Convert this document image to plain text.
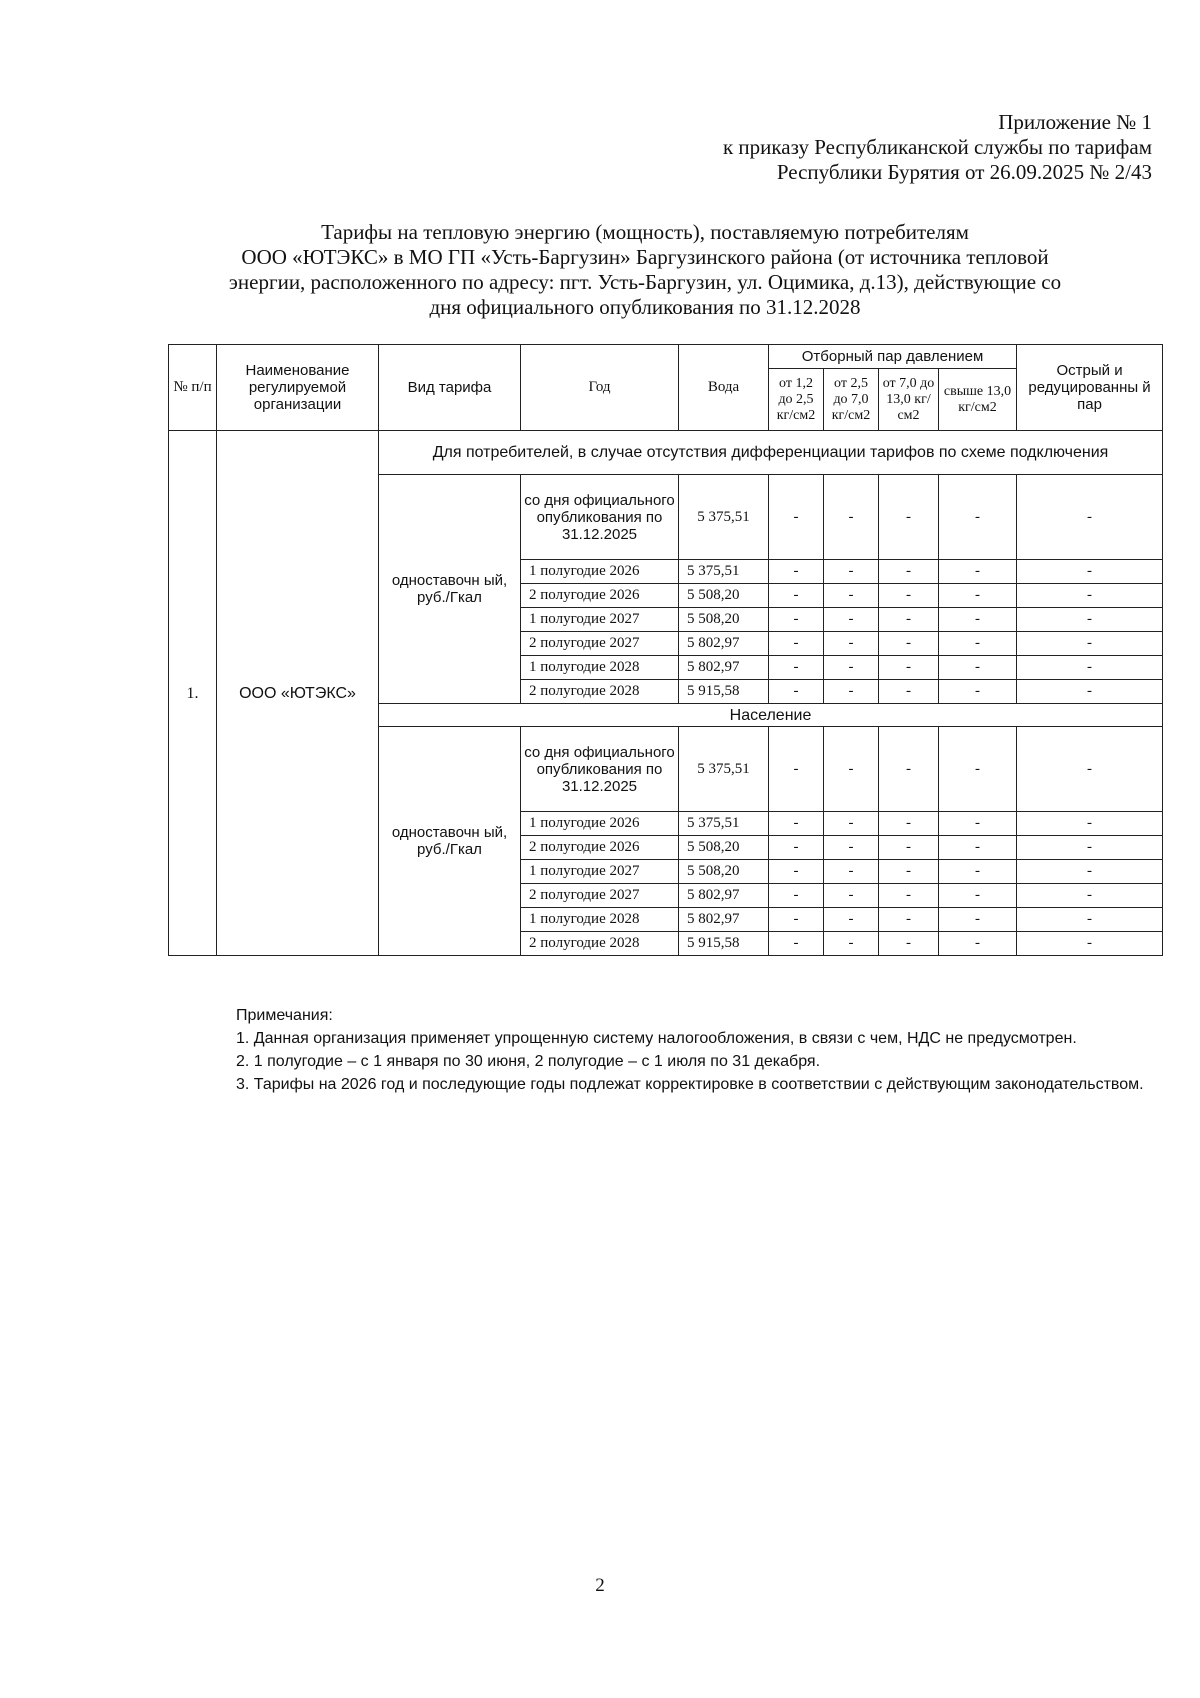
Приложение № 1
к приказу Республиканской службы по тарифам
Республики Бурятия от 26.09.2025 № 2/43
Тарифы на тепловую энергию (мощность), поставляемую потребителям
ООО «ЮТЭКС» в МО ГП «Усть-Баргузин» Баргузинского района (от источника тепловой
энергии, расположенного по адресу: пгт. Усть-Баргузин, ул. Оцимика, д.13), действующие со
дня официального опубликования по 31.12.2028
№ п/п	Наименование регулируемой организации	Вид тарифа	Год	Вода	Отборный пар давлением				Острый и редуцированны й пар
					от 1,2 до 2,5 кг/см2	от 2,5 до 7,0 кг/см2	от 7,0 до 13,0 кг/см2	свыше 13,0 кг/см2	
1.	ООО «ЮТЭКС»	Для потребителей, в случае отсутствия дифференциации тарифов по схеме подключения							
		одноставочн ый, руб./Гкал	со дня официального опубликования по 31.12.2025	5 375,51	-	-	-	-	-
			1 полугодие 2026	5 375,51	-	-	-	-	-
			2 полугодие 2026	5 508,20	-	-	-	-	-
			1 полугодие 2027	5 508,20	-	-	-	-	-
			2 полугодие 2027	5 802,97	-	-	-	-	-
			1 полугодие 2028	5 802,97	-	-	-	-	-
			2 полугодие 2028	5 915,58	-	-	-	-	-
		Население							
		одноставочн ый, руб./Гкал	со дня официального опубликования по 31.12.2025	5 375,51	-	-	-	-	-
			1 полугодие 2026	5 375,51	-	-	-	-	-
			2 полугодие 2026	5 508,20	-	-	-	-	-
			1 полугодие 2027	5 508,20	-	-	-	-	-
			2 полугодие 2027	5 802,97	-	-	-	-	-
			1 полугодие 2028	5 802,97	-	-	-	-	-
			2 полугодие 2028	5 915,58	-	-	-	-	-

Примечания:

1. Данная организация применяет упрощенную систему налогообложения, в связи с чем, НДС не предусмотрен.

2. 1 полугодие – с 1 января по 30 июня, 2 полугодие – с 1 июля по 31 декабря.

3. Тарифы на 2026 год и последующие годы подлежат корректировке в соответствии с действующим законодательством.

2
